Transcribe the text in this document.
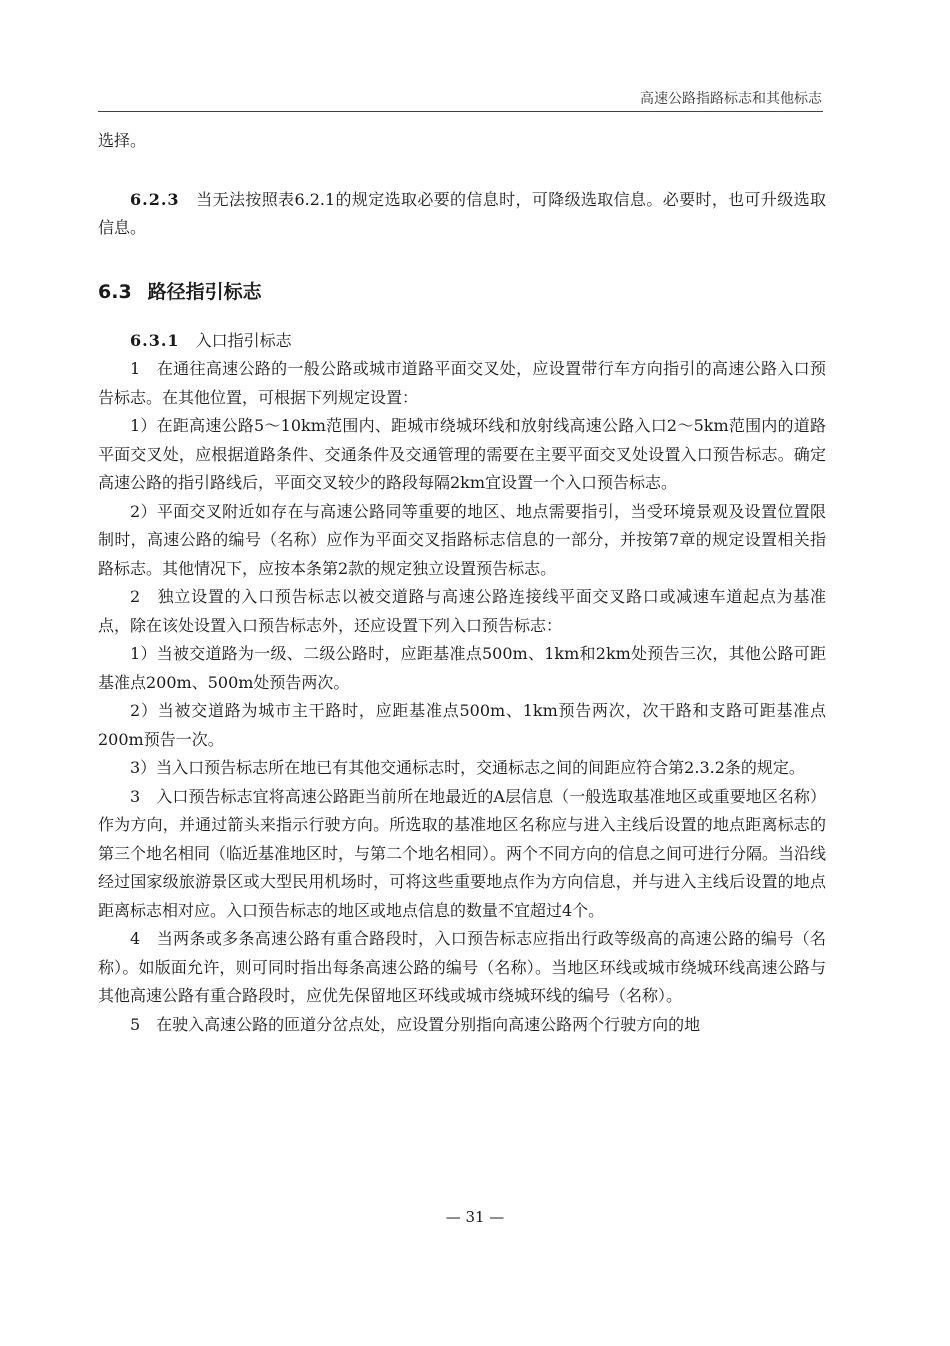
高速公路指路标志和其他标志

选择。

6.2.3　 当无法按照表6.2.1的规定选取必要的信息时，可降级选取信息。必要时，也可升级选取信息。

6.3 路径指引标志

6.3.1　 入口指引标志

1　在通往高速公路的一般公路或城市道路平面交叉处，应设置带行车方向指引的高速公路入口预告标志。在其他位置，可根据下列规定设置：

1）在距高速公路5～10km范围内、距城市绕城环线和放射线高速公路入口2～5km范围内的道路平面交叉处，应根据道路条件、交通条件及交通管理的需要在主要平面交叉处设置入口预告标志。确定高速公路的指引路线后，平面交叉较少的路段每隔2km宜设置一个入口预告标志。

2）平面交叉附近如存在与高速公路同等重要的地区、地点需要指引，当受环境景观及设置位置限制时，高速公路的编号（名称）应作为平面交叉指路标志信息的一部分，并按第7章的规定设置相关指路标志。其他情况下，应按本条第2款的规定独立设置预告标志。

2　独立设置的入口预告标志以被交道路与高速公路连接线平面交叉路口或减速车道起点为基准点，除在该处设置入口预告标志外，还应设置下列入口预告标志：

1）当被交道路为一级、二级公路时，应距基准点500m、1km和2km处预告三次，其他公路可距基准点200m、500m处预告两次。

2）当被交道路为城市主干路时，应距基准点500m、1km预告两次，次干路和支路可距基准点200m预告一次。

3）当入口预告标志所在地已有其他交通标志时，交通标志之间的间距应符合第2.3.2条的规定。

3　入口预告标志宜将高速公路距当前所在地最近的A层信息（一般选取基准地区或重要地区名称）作为方向，并通过箭头来指示行驶方向。所选取的基准地区名称应与进入主线后设置的地点距离标志的第三个地名相同（临近基准地区时，与第二个地名相同）。两个不同方向的信息之间可进行分隔。当沿线经过国家级旅游景区或大型民用机场时，可将这些重要地点作为方向信息，并与进入主线后设置的地点距离标志相对应。入口预告标志的地区或地点信息的数量不宜超过4个。

4　当两条或多条高速公路有重合路段时，入口预告标志应指出行政等级高的高速公路的编号（名称）。如版面允许，则可同时指出每条高速公路的编号（名称）。当地区环线或城市绕城环线高速公路与其他高速公路有重合路段时，应优先保留地区环线或城市绕城环线的编号（名称）。

5　在驶入高速公路的匝道分岔点处，应设置分别指向高速公路两个行驶方向的地

— 31 —
